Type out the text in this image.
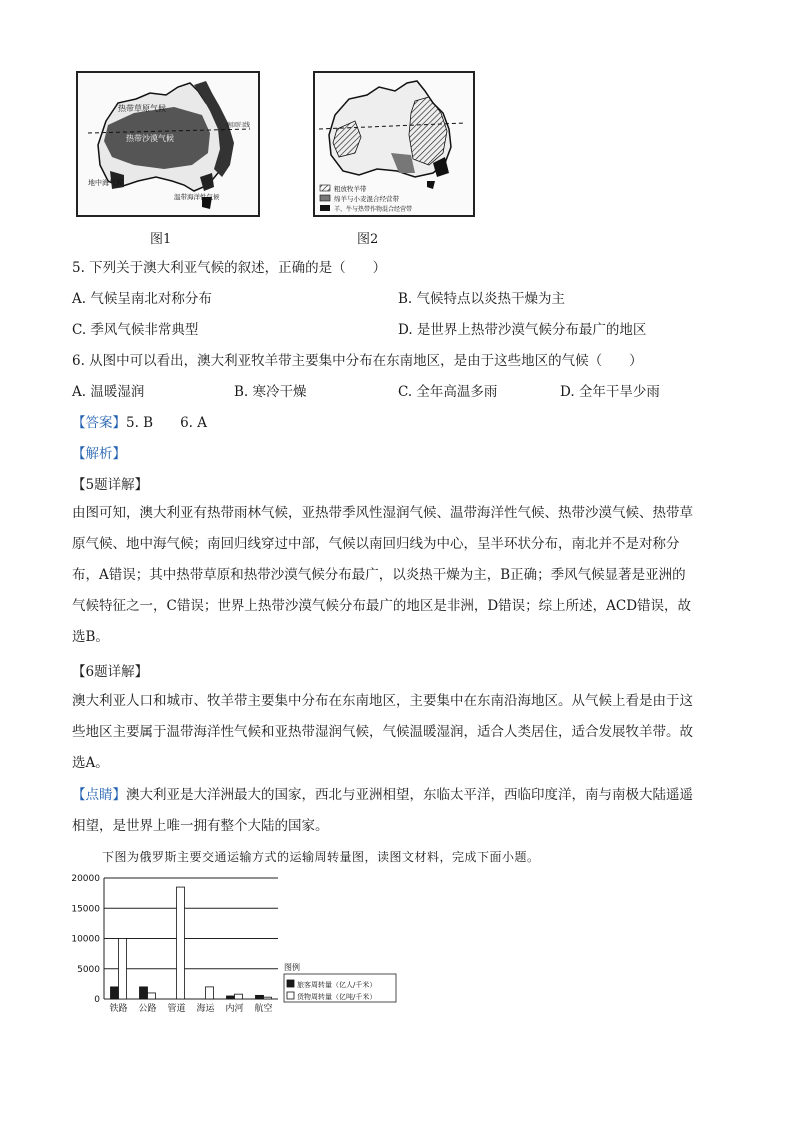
热带草原气候
热带沙漠气候
南回归线
地中海气候
温带海洋性气候
图1
粗放牧羊带
绵羊与小麦混合经营带
羊、牛与热带作物混合经营带
图2
5. 下列关于澳大利亚气候的叙述，正确的是（　　）
A. 气候呈南北对称分布	B. 气候特点以炎热干燥为主
C. 季风气候非常典型	D. 是世界上热带沙漠气候分布最广的地区
6. 从图中可以看出，澳大利亚牧羊带主要集中分布在东南地区，是由于这些地区的气候（　　）
A. 温暖湿润	B. 寒冷干燥	C. 全年高温多雨	D. 全年干旱少雨
【答案】5. B　　6. A
【解析】
【5题详解】
由图可知，澳大利亚有热带雨林气候，亚热带季风性湿润气候、温带海洋性气候、热带沙漠气候、热带草
原气候、地中海气候；南回归线穿过中部，气候以南回归线为中心，呈半环状分布，南北并不是对称分
布，A错误；其中热带草原和热带沙漠气候分布最广，以炎热干燥为主，B正确；季风气候显著是亚洲的
气候特征之一，C错误；世界上热带沙漠气候分布最广的地区是非洲，D错误；综上所述，ACD错误，故
选B。
【6题详解】
澳大利亚人口和城市、牧羊带主要集中分布在东南地区，主要集中在东南沿海地区。从气候上看是由于这
些地区主要属于温带海洋性气候和亚热带湿润气候，气候温暖湿润，适合人类居住，适合发展牧羊带。故
选A。
【点睛】澳大利亚是大洋洲最大的国家，西北与亚洲相望，东临太平洋，西临印度洋，南与南极大陆遥遥
相望，是世界上唯一拥有整个大陆的国家。
下图为俄罗斯主要交通运输方式的运输周转量图，读图文材料，完成下面小题。
0
5000
10000
15000
20000
铁路 公路 管道 海运 内河 航空
图例
旅客周转量（亿人/千米）
货物周转量（亿吨/千米）
